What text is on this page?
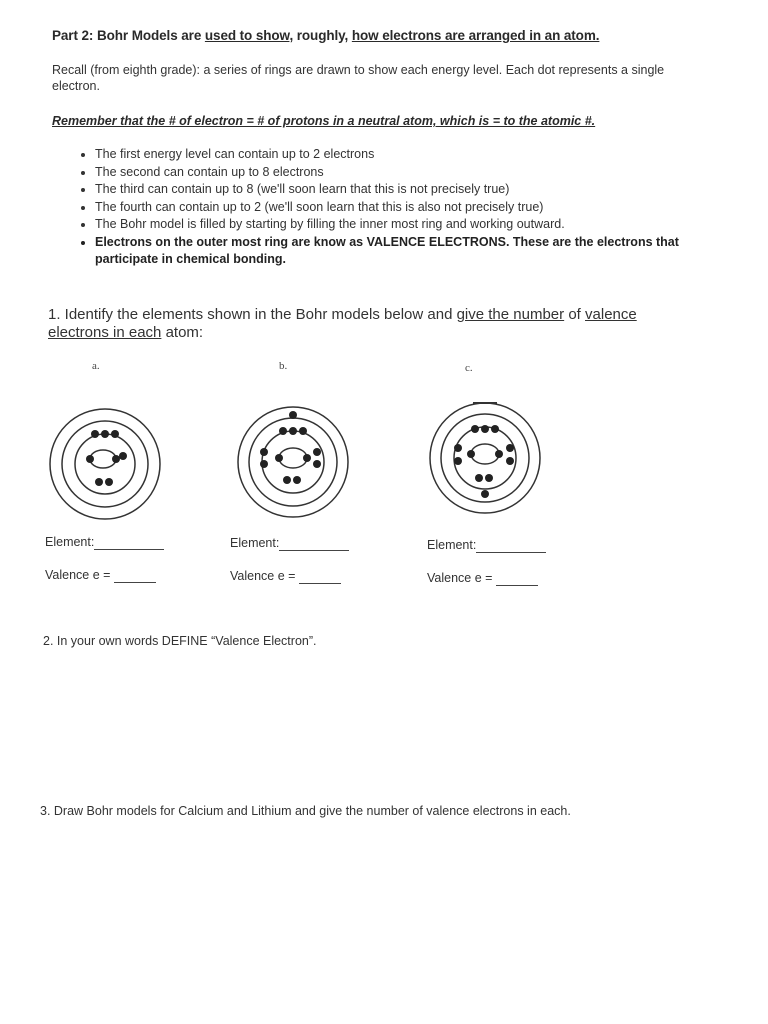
Part 2: Bohr Models are used to show, roughly, how electrons are arranged in an atom.
Recall (from eighth grade): a series of rings are drawn to show each energy level. Each dot represents a single electron.
Remember that the # of electron = # of protons in a neutral atom, which is = to the atomic #.
• The first energy level can contain up to 2 electrons
• The second can contain up to 8 electrons
• The third can contain up to 8 (we'll soon learn that this is not precisely true)
• The fourth can contain up to 2 (we'll soon learn that this is also not precisely true)
• The Bohr model is filled by starting by filling the inner most ring and working outward.
• Electrons on the outer most ring are know as VALENCE ELECTRONS. These are the electrons that participate in chemical bonding.
1. Identify the elements shown in the Bohr models below and give the number of valence electrons in each atom:
a.
Element:
Valence e =
b.
Element:
Valence e =
c.
Element:
Valence e =
2. In your own words DEFINE “Valence Electron”.
3. Draw Bohr models for Calcium and Lithium and give the number of valence electrons in each.
